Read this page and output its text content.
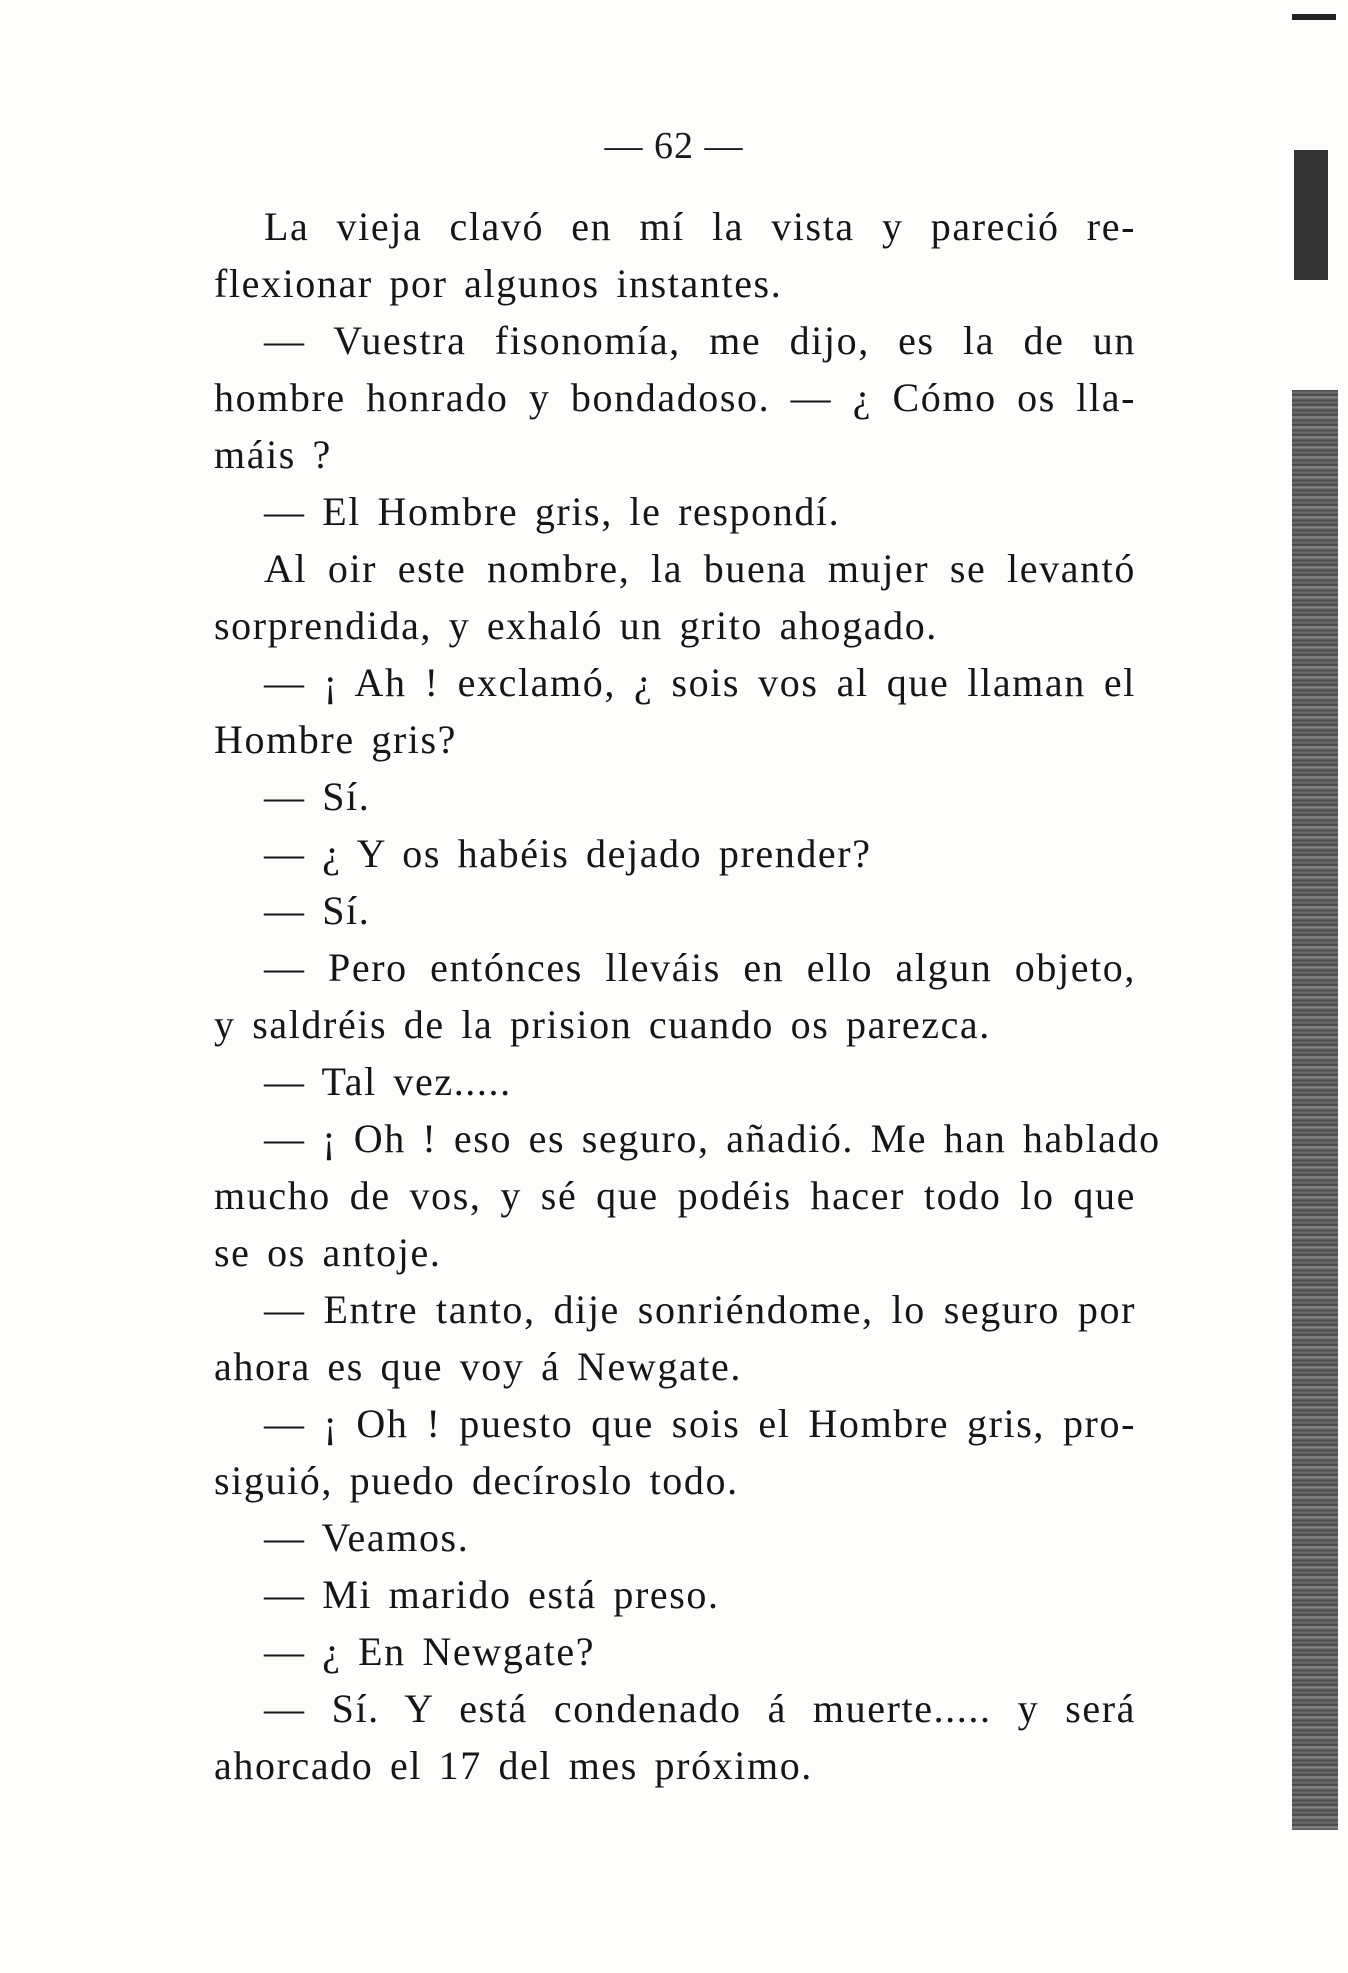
— 62 —
La vieja clavó en mí la vista y pareció re-
flexionar por algunos instantes.
— Vuestra fisonomía, me dijo, es la de un
hombre honrado y bondadoso. — ¿ Cómo os lla-
máis ?
— El Hombre gris, le respondí.
Al oir este nombre, la buena mujer se levantó
sorprendida, y exhaló un grito ahogado.
— ¡ Ah ! exclamó, ¿ sois vos al que llaman el
Hombre gris?
— Sí.
— ¿ Y os habéis dejado prender?
— Sí.
— Pero entónces lleváis en ello algun objeto,
y saldréis de la prision cuando os parezca.
— Tal vez.....
— ¡ Oh ! eso es seguro, añadió. Me han hablado
mucho de vos, y sé que podéis hacer todo lo que
se os antoje.
— Entre tanto, dije sonriéndome, lo seguro por
ahora es que voy á Newgate.
— ¡ Oh ! puesto que sois el Hombre gris, pro-
siguió, puedo decíroslo todo.
— Veamos.
— Mi marido está preso.
— ¿ En Newgate?
— Sí. Y está condenado á muerte..... y será
ahorcado el 17 del mes próximo.
